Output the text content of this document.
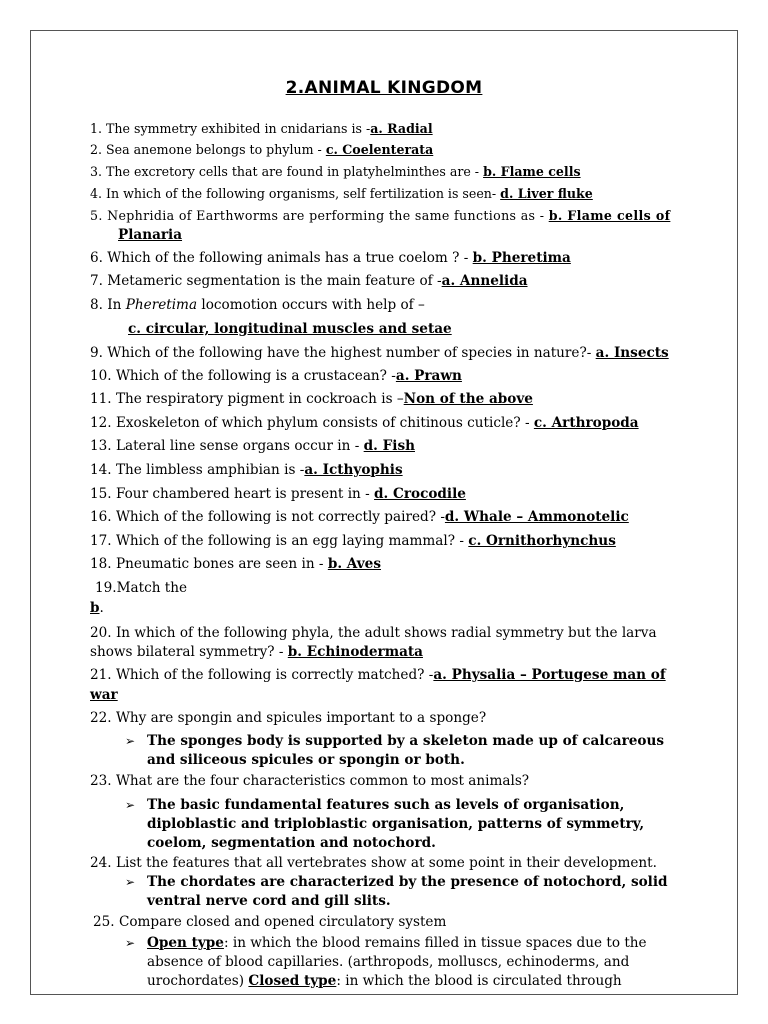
2.ANIMAL KINGDOM
1. The symmetry exhibited in cnidarians is -a. Radial
2. Sea anemone belongs to phylum - c. Coelenterata
3. The excretory cells that are found in platyhelminthes are - b. Flame cells
4. In which of the following organisms, self fertilization is seen- d. Liver fluke
5. Nephridia of Earthworms are performing the same functions as - b. Flame cells of
Planaria
6. Which of the following animals has a true coelom ? - b. Pheretima
7. Metameric segmentation is the main feature of -a. Annelida
8. In Pheretima locomotion occurs with help of –
c. circular, longitudinal muscles and setae
9. Which of the following have the highest number of species in nature?- a. Insects
10. Which of the following is a crustacean? -a. Prawn
11. The respiratory pigment in cockroach is –Non of the above
12. Exoskeleton of which phylum consists of chitinous cuticle? - c. Arthropoda
13. Lateral line sense organs occur in - d. Fish
14. The limbless amphibian is -a. Icthyophis
15. Four chambered heart is present in - d. Crocodile
16. Which of the following is not correctly paired? -d. Whale – Ammonotelic
17. Which of the following is an egg laying mammal? - c. Ornithorhynchus
18. Pneumatic bones are seen in - b. Aves
19.Match the
b.
20. In which of the following phyla, the adult shows radial symmetry but the larva
shows bilateral symmetry? - b. Echinodermata
21. Which of the following is correctly matched? -a. Physalia – Portugese man of
war
22. Why are spongin and spicules important to a sponge?
➢ The sponges body is supported by a skeleton made up of calcareous and siliceous spicules or spongin or both.
23. What are the four characteristics common to most animals?
➢ The basic fundamental features such as levels of organisation, diploblastic and triploblastic organisation, patterns of symmetry, coelom, segmentation and notochord.
24. List the features that all vertebrates show at some point in their development.
➢ The chordates are characterized by the presence of notochord, solid ventral nerve cord and gill slits.
25. Compare closed and opened circulatory system
➢ Open type: in which the blood remains filled in tissue spaces due to the absence of blood capillaries. (arthropods, molluscs, echinoderms, and urochordates) Closed type: in which the blood is circulated through
